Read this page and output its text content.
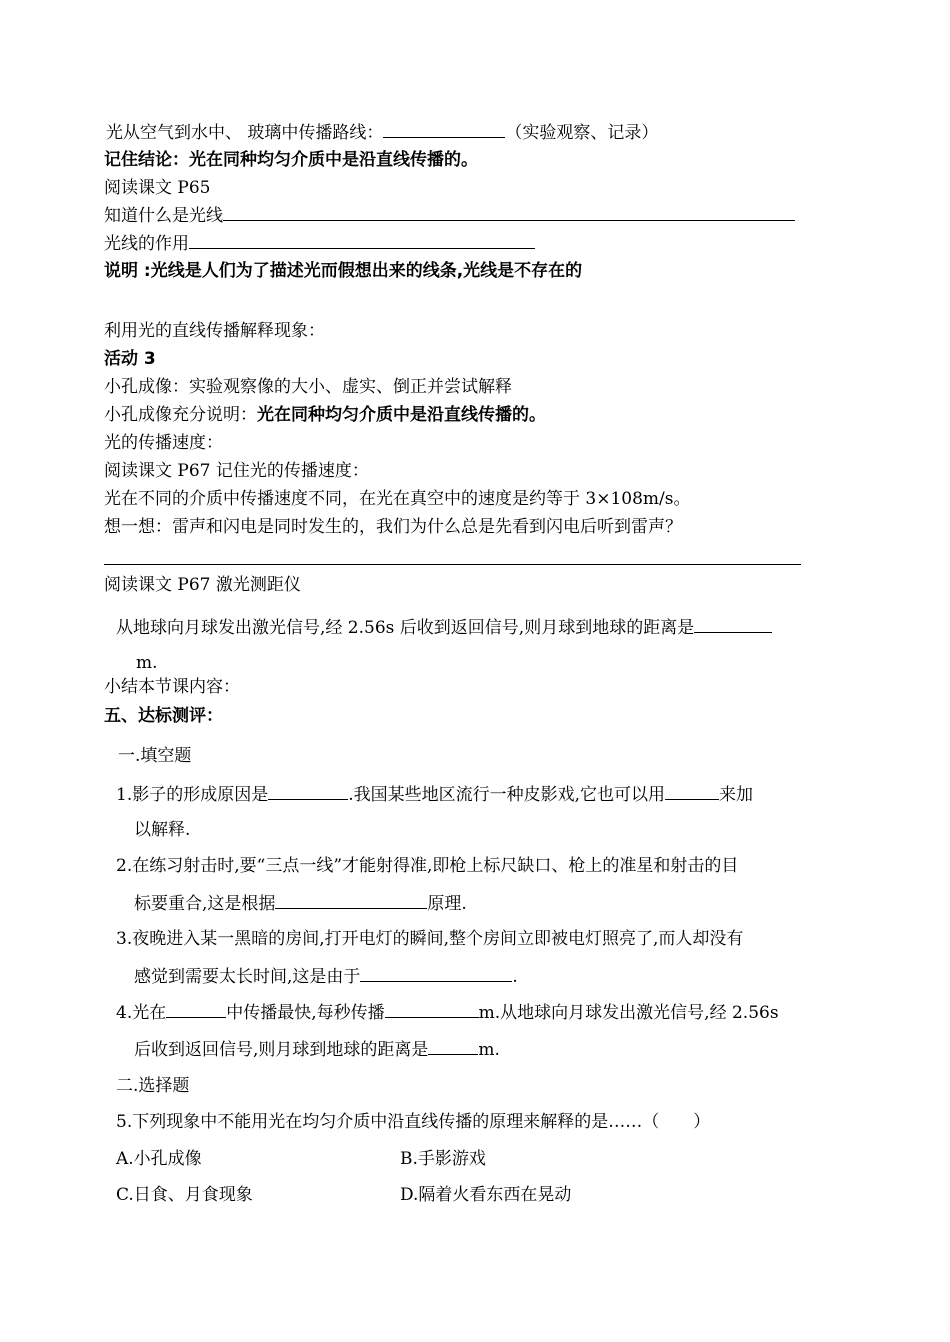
光从空气到水中、 玻璃中传播路线：	（实验观察、记录）
记住结论：光在同种均匀介质中是沿直线传播的。
阅读课文 P65
知道什么是光线
光线的作用
说明 :光线是人们为了描述光而假想出来的线条,光线是不存在的
利用光的直线传播解释现象：
活动 3
小孔成像：实验观察像的大小、虚实、倒正并尝试解释
小孔成像充分说明：光在同种均匀介质中是沿直线传播的。
光的传播速度：
阅读课文 P67 记住光的传播速度：
光在不同的介质中传播速度不同，在光在真空中的速度是约等于 3×108m/s。
想一想：雷声和闪电是同时发生的，我们为什么总是先看到闪电后听到雷声？
阅读课文 P67 激光测距仪
从地球向月球发出激光信号,经 2.56s 后收到返回信号,则月球到地球的距离是
m.
小结本节课内容：
五、达标测评：
一.填空题
1.影子的形成原因是	.我国某些地区流行一种皮影戏,它也可以用	来加
以解释.
2.在练习射击时,要“三点一线”才能射得准,即枪上标尺缺口、枪上的准星和射击的目
标要重合,这是根据	原理.
3.夜晚进入某一黑暗的房间,打开电灯的瞬间,整个房间立即被电灯照亮了,而人却没有
感觉到需要太长时间,这是由于	.
4.光在	中传播最快,每秒传播	m.从地球向月球发出激光信号,经 2.56s
后收到返回信号,则月球到地球的距离是	m.
二.选择题
5.下列现象中不能用光在均匀介质中沿直线传播的原理来解释的是……（　　）
A.小孔成像	B.手影游戏
C.日食、月食现象	D.隔着火看东西在晃动
